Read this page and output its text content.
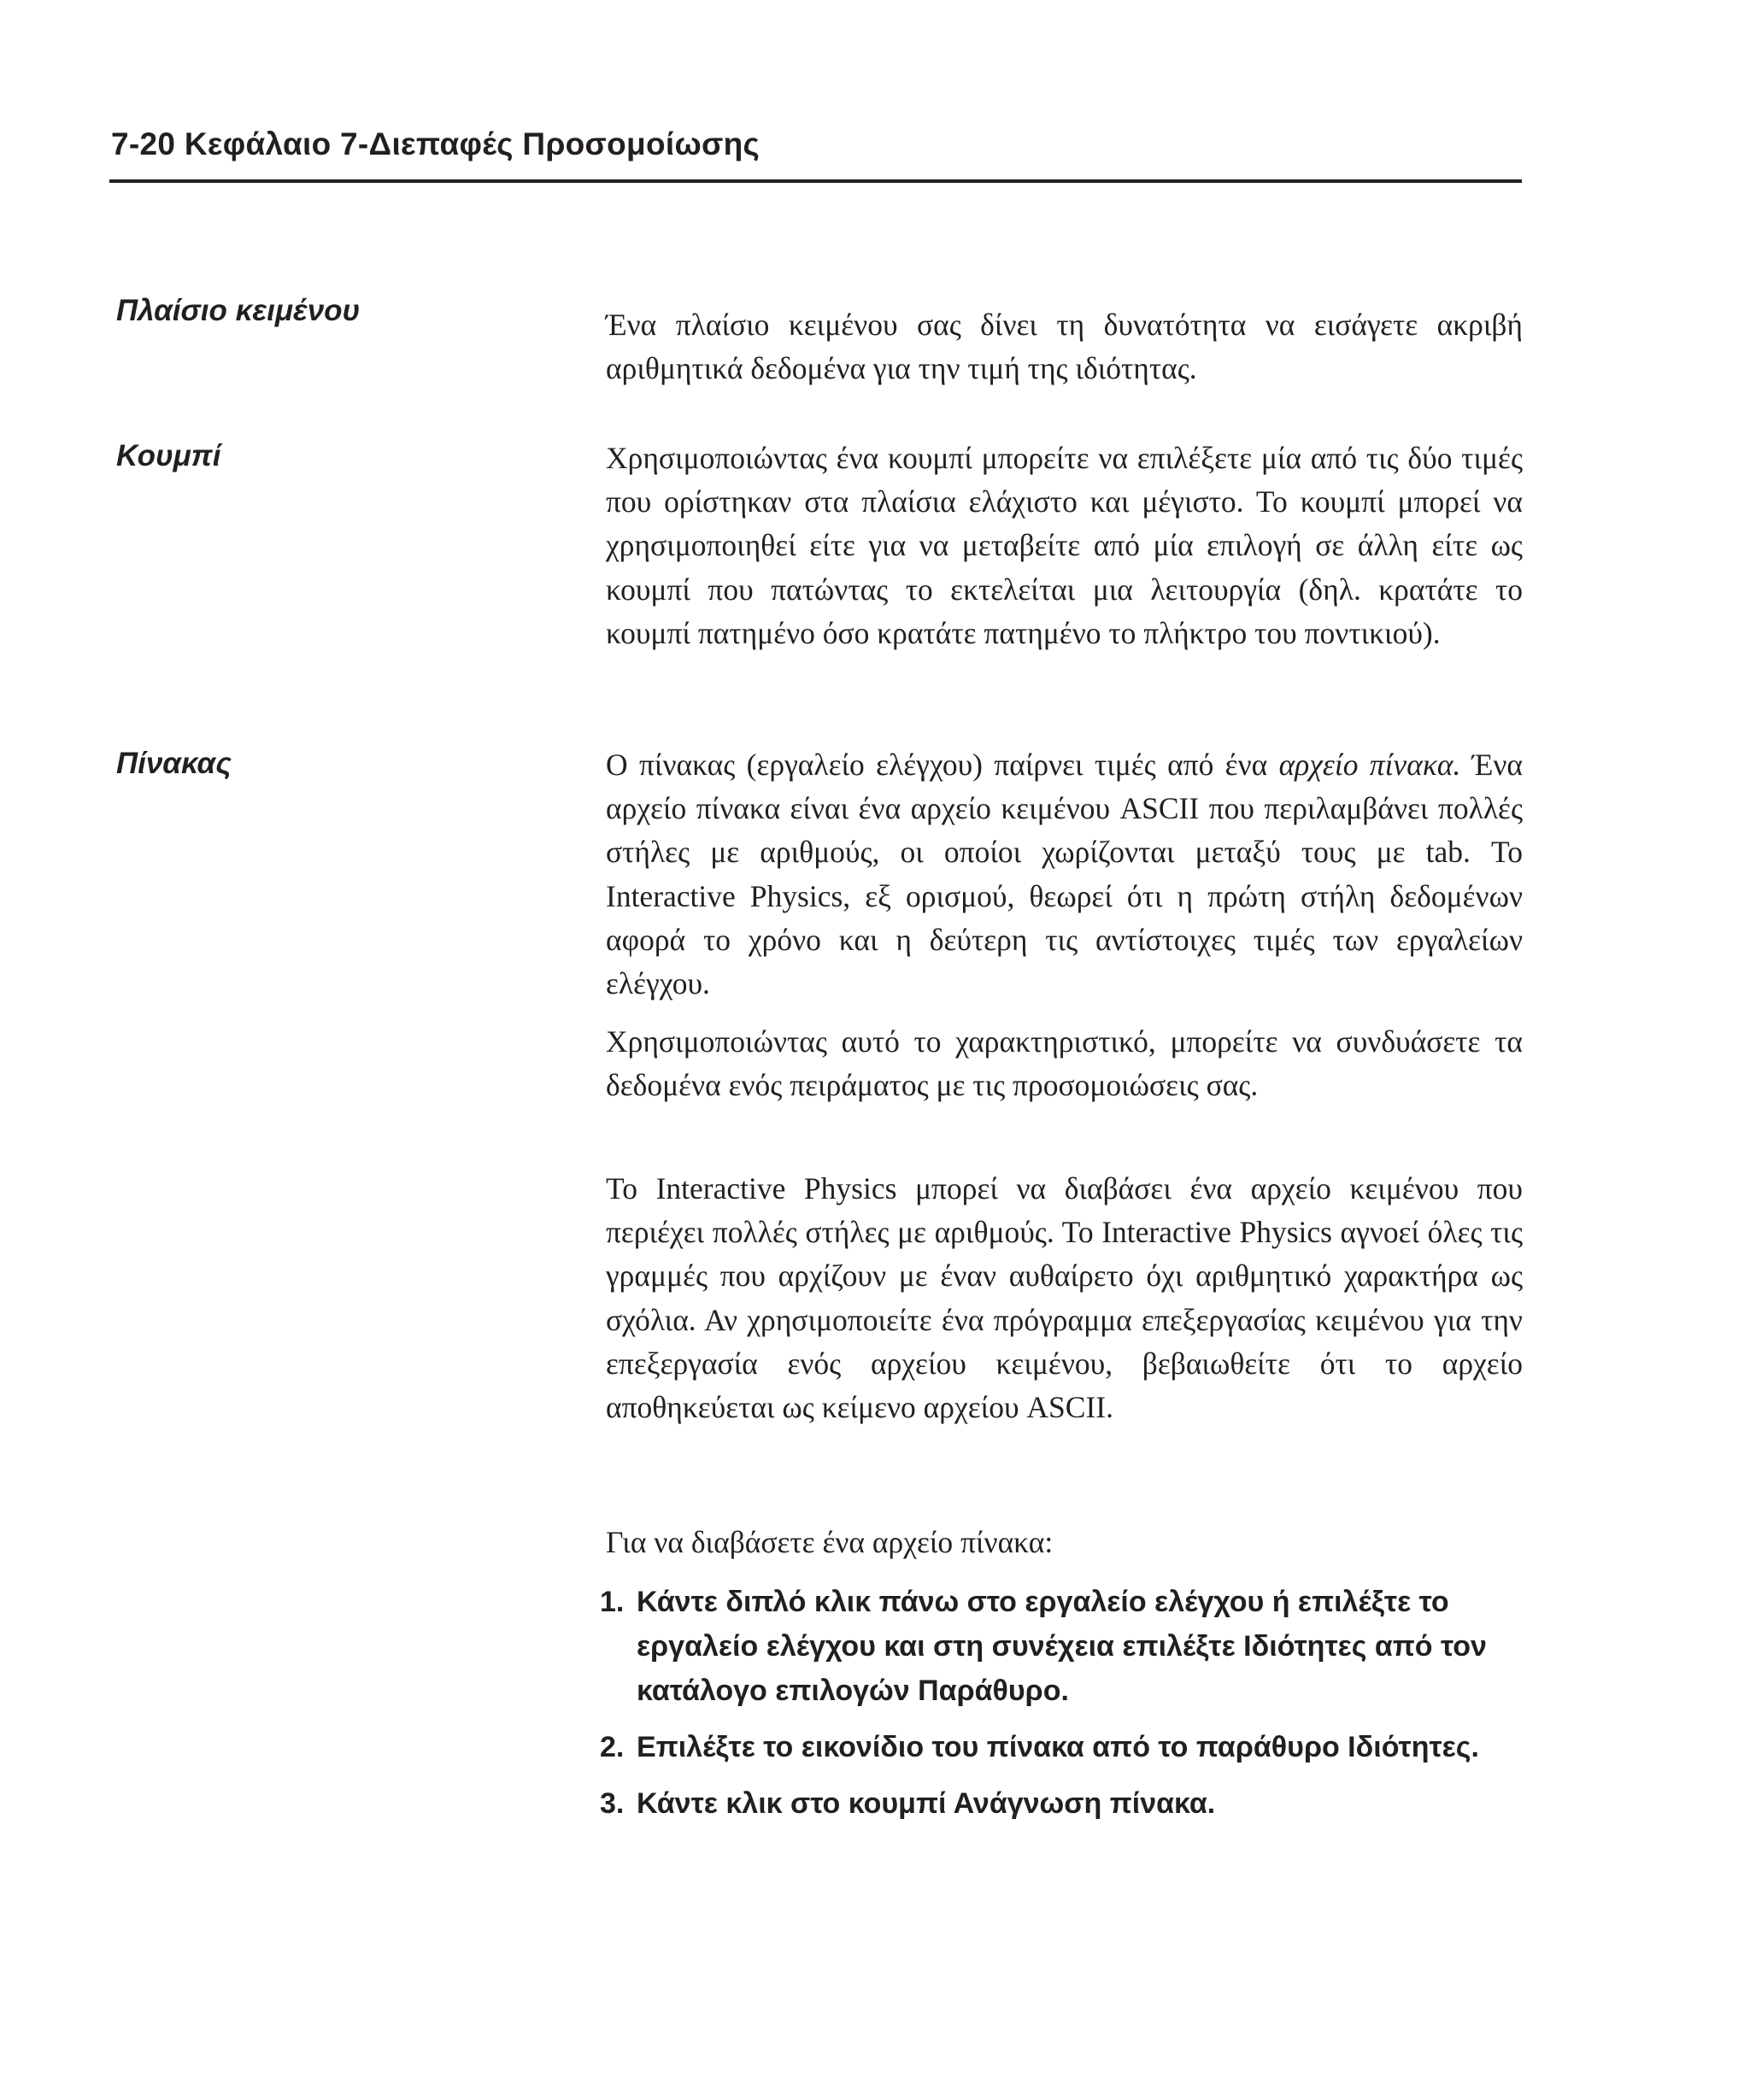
7-20 Κεφάλαιο 7-Διεπαφές Προσομοίωσης
Πλαίσιο κειμένου	Ένα πλαίσιο κειμένου σας δίνει τη δυνατότητα να εισάγετε ακριβή αριθμητικά δεδομένα για την τιμή της ιδιότητας.

Κουμπί	Χρησιμοποιώντας ένα κουμπί μπορείτε να επιλέξετε μία από τις δύο τιμές που ορίστηκαν στα πλαίσια ελάχιστο και μέγιστο. Το κουμπί μπορεί να χρησιμοποιηθεί είτε για να μεταβείτε από μία επιλογή σε άλλη είτε ως κουμπί που πατώντας το εκτελείται μια λειτουργία (δηλ. κρατάτε το κουμπί πατημένο όσο κρατάτε πατημένο το πλήκτρο του ποντικιού).

Πίνακας	Ο πίνακας (εργαλείο ελέγχου) παίρνει τιμές από ένα αρχείο πίνακα. Ένα αρχείο πίνακα είναι ένα αρχείο κειμένου ASCII που περιλαμβάνει πολλές στήλες με αριθμούς, οι οποίοι χωρίζονται μεταξύ τους με tab. Το Interactive Physics, εξ ορισμού, θεωρεί ότι η πρώτη στήλη δεδομένων αφορά το χρόνο και η δεύτερη τις αντίστοιχες τιμές των εργαλείων ελέγχου.

Χρησιμοποιώντας αυτό το χαρακτηριστικό, μπορείτε να συνδυάσετε τα δεδομένα ενός πειράματος με τις προσομοιώσεις σας.

Το Interactive Physics μπορεί να διαβάσει ένα αρχείο κειμένου που περιέχει πολλές στήλες με αριθμούς. Το Interactive Physics αγνοεί όλες τις γραμμές που αρχίζουν με έναν αυθαίρετο όχι αριθμητικό χαρακτήρα ως σχόλια. Αν χρησιμοποιείτε ένα πρόγραμμα επεξεργασίας κειμένου για την επεξεργασία ενός αρχείου κειμένου, βεβαιωθείτε ότι το αρχείο αποθηκεύεται ως κείμενο αρχείου ASCII.

Για να διαβάσετε ένα αρχείο πίνακα:

1. Κάντε διπλό κλικ πάνω στο εργαλείο ελέγχου ή επιλέξτε το εργαλείο ελέγχου και στη συνέχεια επιλέξτε Ιδιότητες από τον κατάλογο επιλογών Παράθυρο.
2. Επιλέξτε το εικονίδιο του πίνακα από το παράθυρο Ιδιότητες.
3. Κάντε κλικ στο κουμπί Ανάγνωση πίνακα.
